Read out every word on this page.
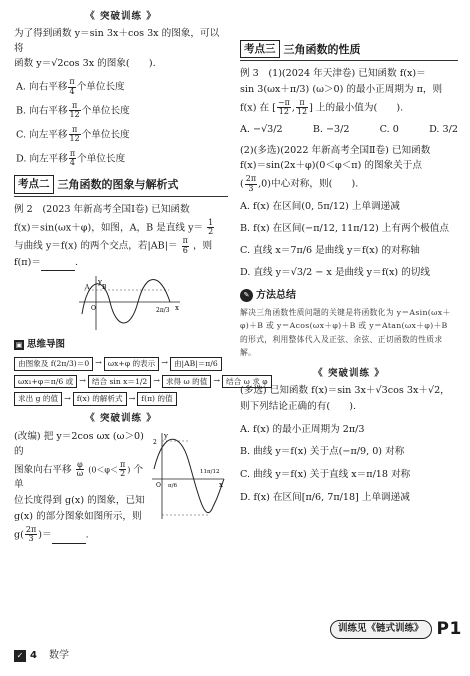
《 突破训练 》
为了得到函数 y＝sin 3x＋cos 3x 的图象，可以将
函数 y＝√2cos 3x 的图象(　　).
A. 向右平移 $\frac{\pi}{4}$ 个单位长度
B. 向右平移 $\frac{\pi}{12}$ 个单位长度
C. 向左平移 $\frac{\pi}{12}$ 个单位长度
D. 向左平移 $\frac{\pi}{4}$ 个单位长度
考点二 三角函数的图象与解析式
例 2　(2023 年新高考全国Ⅰ卷) 已知函数
f(x)＝sin(ωx＋φ)，如图，A，B 是直线 $y= \frac{1}{2}$
与曲线 y＝f(x) 的两个交点，若$|AB|= \frac{\pi}{6}$ ，则
f(π)＝	.
y
x
A B
O	2π/3
▣ 思维导图
由图象及 f(2π/3)＝0 → ωx+φ 的表示 → 由|AB|＝π/6
ωx₁+φ＝π/6 或 → 结合 sin x＝1/2 → 求得 ω 的值 → 结合 ω 求 φ
求出 g 的值 → f(x) 的解析式 → f(π) 的值
《 突破训练 》
(改编) 把 y＝2cos ωx (ω＞0) 的
图象向右平移 $\frac{\varphi}{\omega} (0<\varphi< \frac{\pi}{2}$ ) 个单
位长度得到 g(x) 的图象，已知
g(x) 的部分图象如图所示，则
$g( \frac{2\pi}{3}$ )＝	.
y
2
x
O π/6
11π/12
考点三 三角函数的性质
例 3　(1)(2024 年天津卷) 已知函数 f(x)＝
sin 3(ωx＋π/3) (ω＞0) 的最小正周期为 π，则
f(x) 在 [ $\frac{-\pi}{12}$ , $\frac{\pi}{12}$ ] 上的最小值为(　　).
A. −√3/2	B. −3/2	C. 0	D. 3/2
(2)(多选)(2022 年新高考全国Ⅱ卷) 已知函数
f(x)＝sin(2x＋φ)(0＜φ＜π) 的图象关于点
( $\frac{2\pi}{3} ,0$)中心对称，则(　　).
A. f(x) 在区间(0, 5π/12) 上单调递减
B. f(x) 在区间(−π/12, 11π/12) 上有两个极值点
C. 直线 x＝7π/6 是曲线 y＝f(x) 的对称轴
D. 直线 y＝√3/2 − x 是曲线 y＝f(x) 的切线
✎ 方法总结
解决三角函数性质问题的关键是将函数化为 y＝Asin(ωx＋φ)＋B 或 y＝Acos(ωx＋φ)＋B 或 y＝Atan(ωx＋φ)＋B 的形式，利用整体代入及正弦、余弦、正切函数的性质求解。
《 突破训练 》
(多选) 已知函数 f(x)＝sin 3x＋√3cos 3x＋√2，
则下列结论正确的有(　　).
A. f(x) 的最小正周期为 2π/3
B. 曲线 y＝f(x) 关于点(−π/9, 0) 对称
C. 曲线 y＝f(x) 关于直线 x＝π/18 对称
D. f(x) 在区间[π/6, 7π/18] 上单调递减
训练见《链式训练》 P1
✓ 4 数学
